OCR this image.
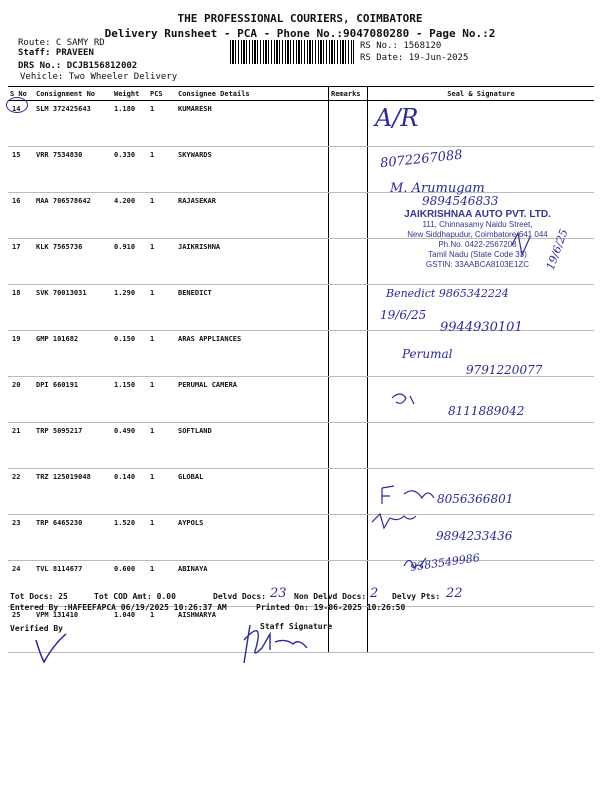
THE PROFESSIONAL COURIERS, COIMBATORE
Delivery Runsheet - PCA - Phone No.:9047080280 - Page No.:2
Route: C SAMY RD
Staff: PRAVEEN
DRS No.: DCJB156812002
Vehicle: Two Wheeler Delivery
RS No.: 1568120
RS Date: 19-Jun-2025
S No	Consignment No	Weight	PCS	Consignee Details	Remarks	Seal & Signature
14	SLM 372425643	1.180	1	KUMARESH		
15	VRR 7534830	0.330	1	SKYWARDS		
16	MAA 706578642	4.200	1	RAJASEKAR		
17	KLK 7565736	0.910	1	JAIKRISHNA		
18	SVK 70013031	1.290	1	BENEDICT		
19	GMP 101682	0.150	1	ARAS APPLIANCES		
20	DPI 660191	1.150	1	PERUMAL CAMERA		
21	TRP 5095217	0.490	1	SOFTLAND		
22	TRZ 125019048	0.140	1	GLOBAL		
23	TRP 6465230	1.520	1	AYPOLS		
24	TVL 8114677	0.600	1	ABINAYA		
25	VPM 131410	1.040	1	AISHWARYA		
JAIKRISHNAA AUTO PVT. LTD.
111, Chinnasamy Naidu Street,
New Siddhapudur, Coimbatore-641 044
Ph.No. 0422-2567208
Tamil Nadu (State Code 33)
GSTIN: 33AABCA8103E1ZC	19/6/25
A/R
8072267088
M. Arumugam
9894546833
Benedict 9865342224
19/6/25
9944930101
Perumal
9791220077
8111889042
8056366801
9894233436
9383549986
Tot Docs: 25	Tot COD Amt: 0.00	Delvd Docs: 23 Non Delvd Docs: 2 Delvy Pts: 22
Entered By :HAFEEFAPCA 06/19/2025 10:26:37 AM	Printed On: 19-06-2025 10:26:50
Verified By	Staff Signature
